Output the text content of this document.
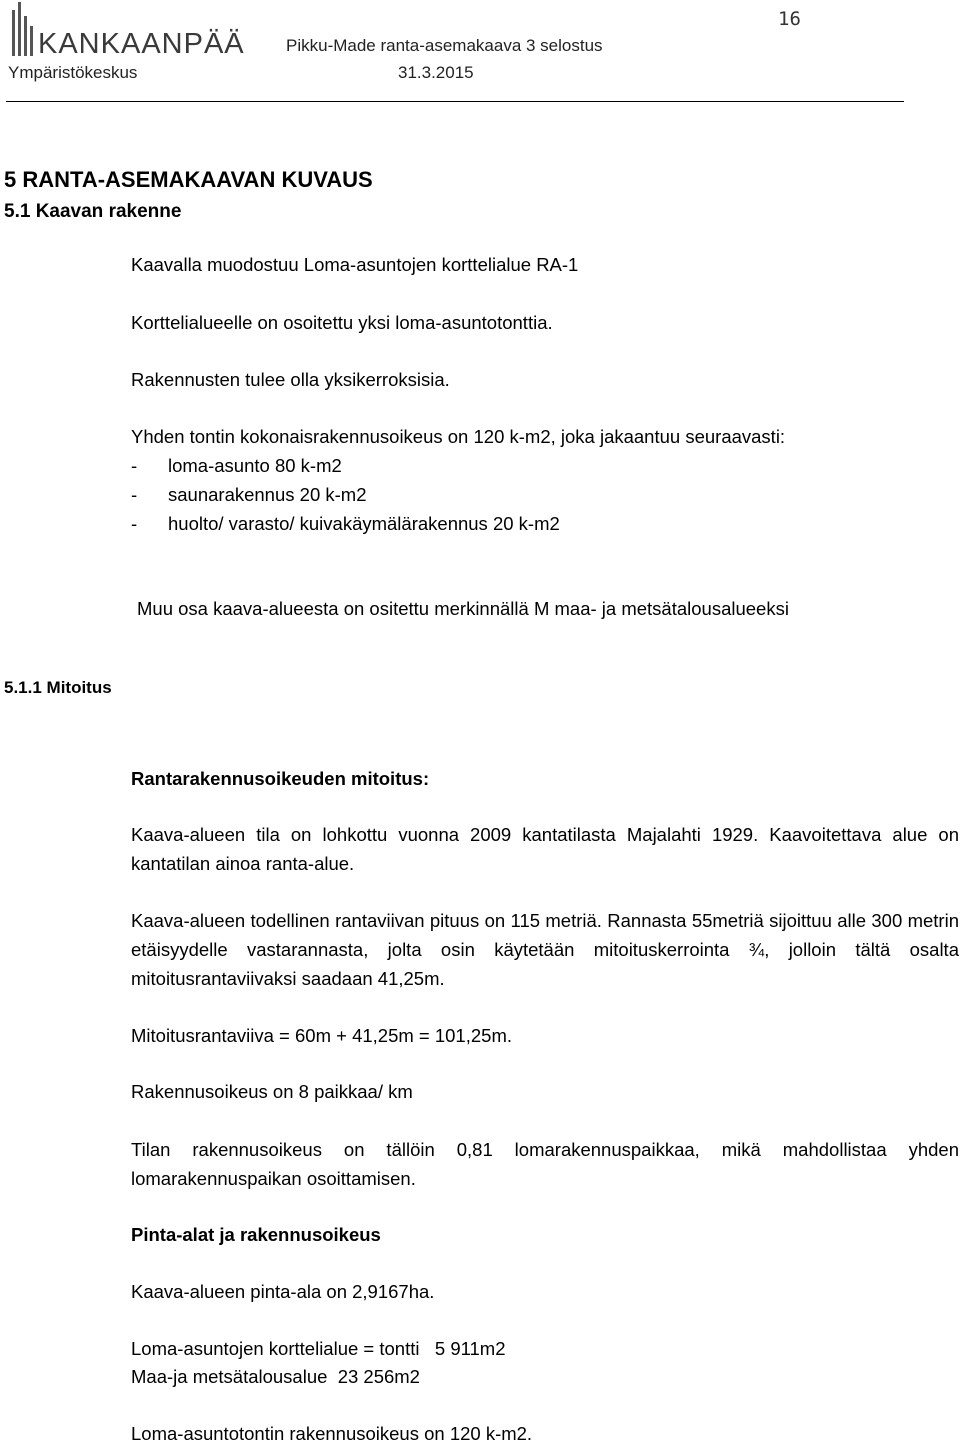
KANKAANPÄÄ
Ympäristökeskus
Pikku-Made ranta-asemakaava 3 selostus
31.3.2015
16
5 RANTA-ASEMAKAAVAN KUVAUS
5.1 Kaavan rakenne
Kaavalla muodostuu Loma-asuntojen korttelialue RA-1
Korttelialueelle on osoitettu yksi loma-asuntotonttia.
Rakennusten tulee olla yksikerroksisia.
Yhden tontin kokonaisrakennusoikeus on 120 k-m2, joka jakaantuu seuraavasti:
- loma-asunto 80 k-m2
- saunarakennus 20 k-m2
- huolto/ varasto/ kuivakäymälärakennus 20 k-m2
Muu osa kaava-alueesta on ositettu merkinnällä M maa- ja metsätalousalueeksi
5.1.1 Mitoitus
Rantarakennusoikeuden mitoitus:
Kaava-alueen tila on lohkottu vuonna 2009 kantatilasta Majalahti 1929. Kaavoitettava alue on kantatilan ainoa ranta-alue.
Kaava-alueen todellinen rantaviivan pituus on 115 metriä. Rannasta 55metriä sijoittuu alle 300 metrin etäisyydelle vastarannasta, jolta osin käytetään mitoituskerrointa ¾, jolloin tältä osalta mitoitusrantaviivaksi saadaan 41,25m.
Mitoitusrantaviiva = 60m + 41,25m = 101,25m.
Rakennusoikeus on 8 paikkaa/ km
Tilan rakennusoikeus on tällöin 0,81 lomarakennuspaikkaa, mikä mahdollistaa yhden lomarakennuspaikan osoittamisen.
Pinta-alat ja rakennusoikeus
Kaava-alueen pinta-ala on 2,9167ha.
Loma-asuntojen korttelialue = tontti   5 911m2
Maa-ja metsätalousalue  23 256m2
Loma-asuntotontin rakennusoikeus on 120 k-m2.
